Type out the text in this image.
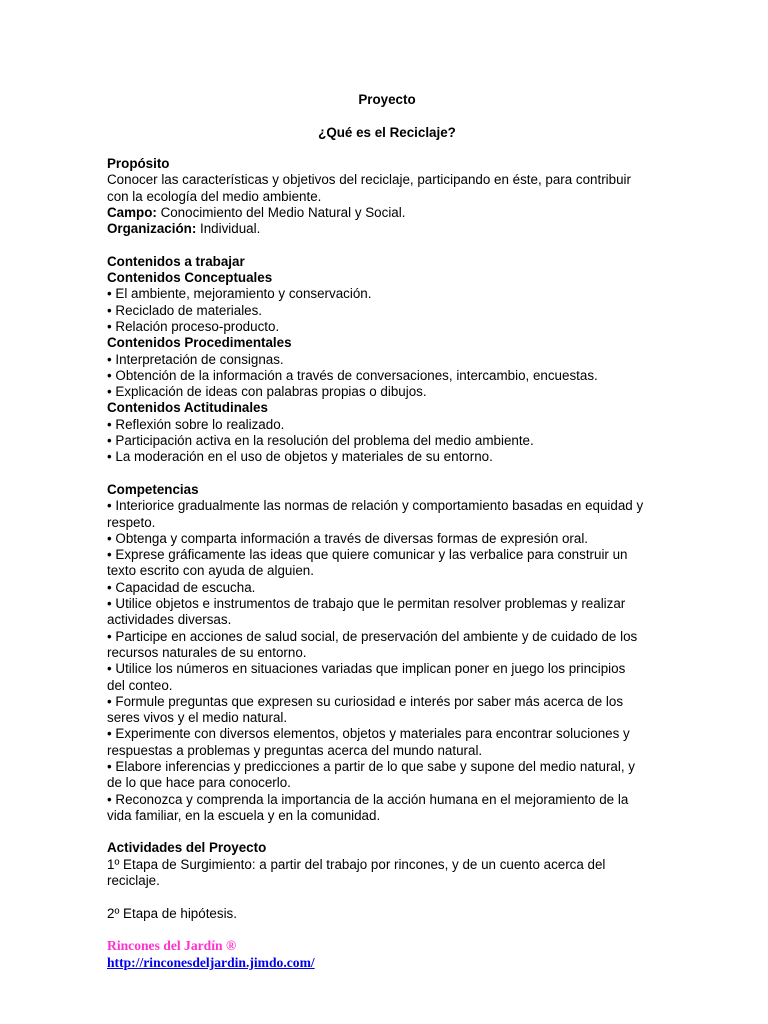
Proyecto
¿Qué es el Reciclaje?
Propósito
Conocer las características y objetivos del reciclaje, participando en éste, para contribuir
con la ecología del medio ambiente.
Campo: Conocimiento del Medio Natural y Social.
Organización: Individual.
Contenidos a trabajar
Contenidos Conceptuales
• El ambiente, mejoramiento y conservación.
• Reciclado de materiales.
• Relación proceso-producto.
Contenidos Procedimentales
• Interpretación de consignas.
• Obtención de la información a través de conversaciones, intercambio, encuestas.
• Explicación de ideas con palabras propias o dibujos.
Contenidos Actitudinales
• Reflexión sobre lo realizado.
• Participación activa en la resolución del problema del medio ambiente.
• La moderación en el uso de objetos y materiales de su entorno.
Competencias
• Interiorice gradualmente las normas de relación y comportamiento basadas en equidad y
respeto.
• Obtenga y comparta información a través de diversas formas de expresión oral.
• Exprese gráficamente las ideas que quiere comunicar y las verbalice para construir un
texto escrito con ayuda de alguien.
• Capacidad de escucha.
• Utilice objetos e instrumentos de trabajo que le permitan resolver problemas y realizar
actividades diversas.
• Participe en acciones de salud social, de preservación del ambiente y de cuidado de los
recursos naturales de su entorno.
• Utilice los números en situaciones variadas que implican poner en juego los principios
del conteo.
• Formule preguntas que expresen su curiosidad e interés por saber más acerca de los
seres vivos y el medio natural.
• Experimente con diversos elementos, objetos y materiales para encontrar soluciones y
respuestas a problemas y preguntas acerca del mundo natural.
• Elabore inferencias y predicciones a partir de lo que sabe y supone del medio natural, y
de lo que hace para conocerlo.
• Reconozca y comprenda la importancia de la acción humana en el mejoramiento de la
vida familiar, en la escuela y en la comunidad.
Actividades del Proyecto
1º Etapa de Surgimiento: a partir del trabajo por rincones, y de un cuento acerca del
reciclaje.
2º Etapa de hipótesis.
Rincones del Jardín ®
http://rinconesdeljardin.jimdo.com/
